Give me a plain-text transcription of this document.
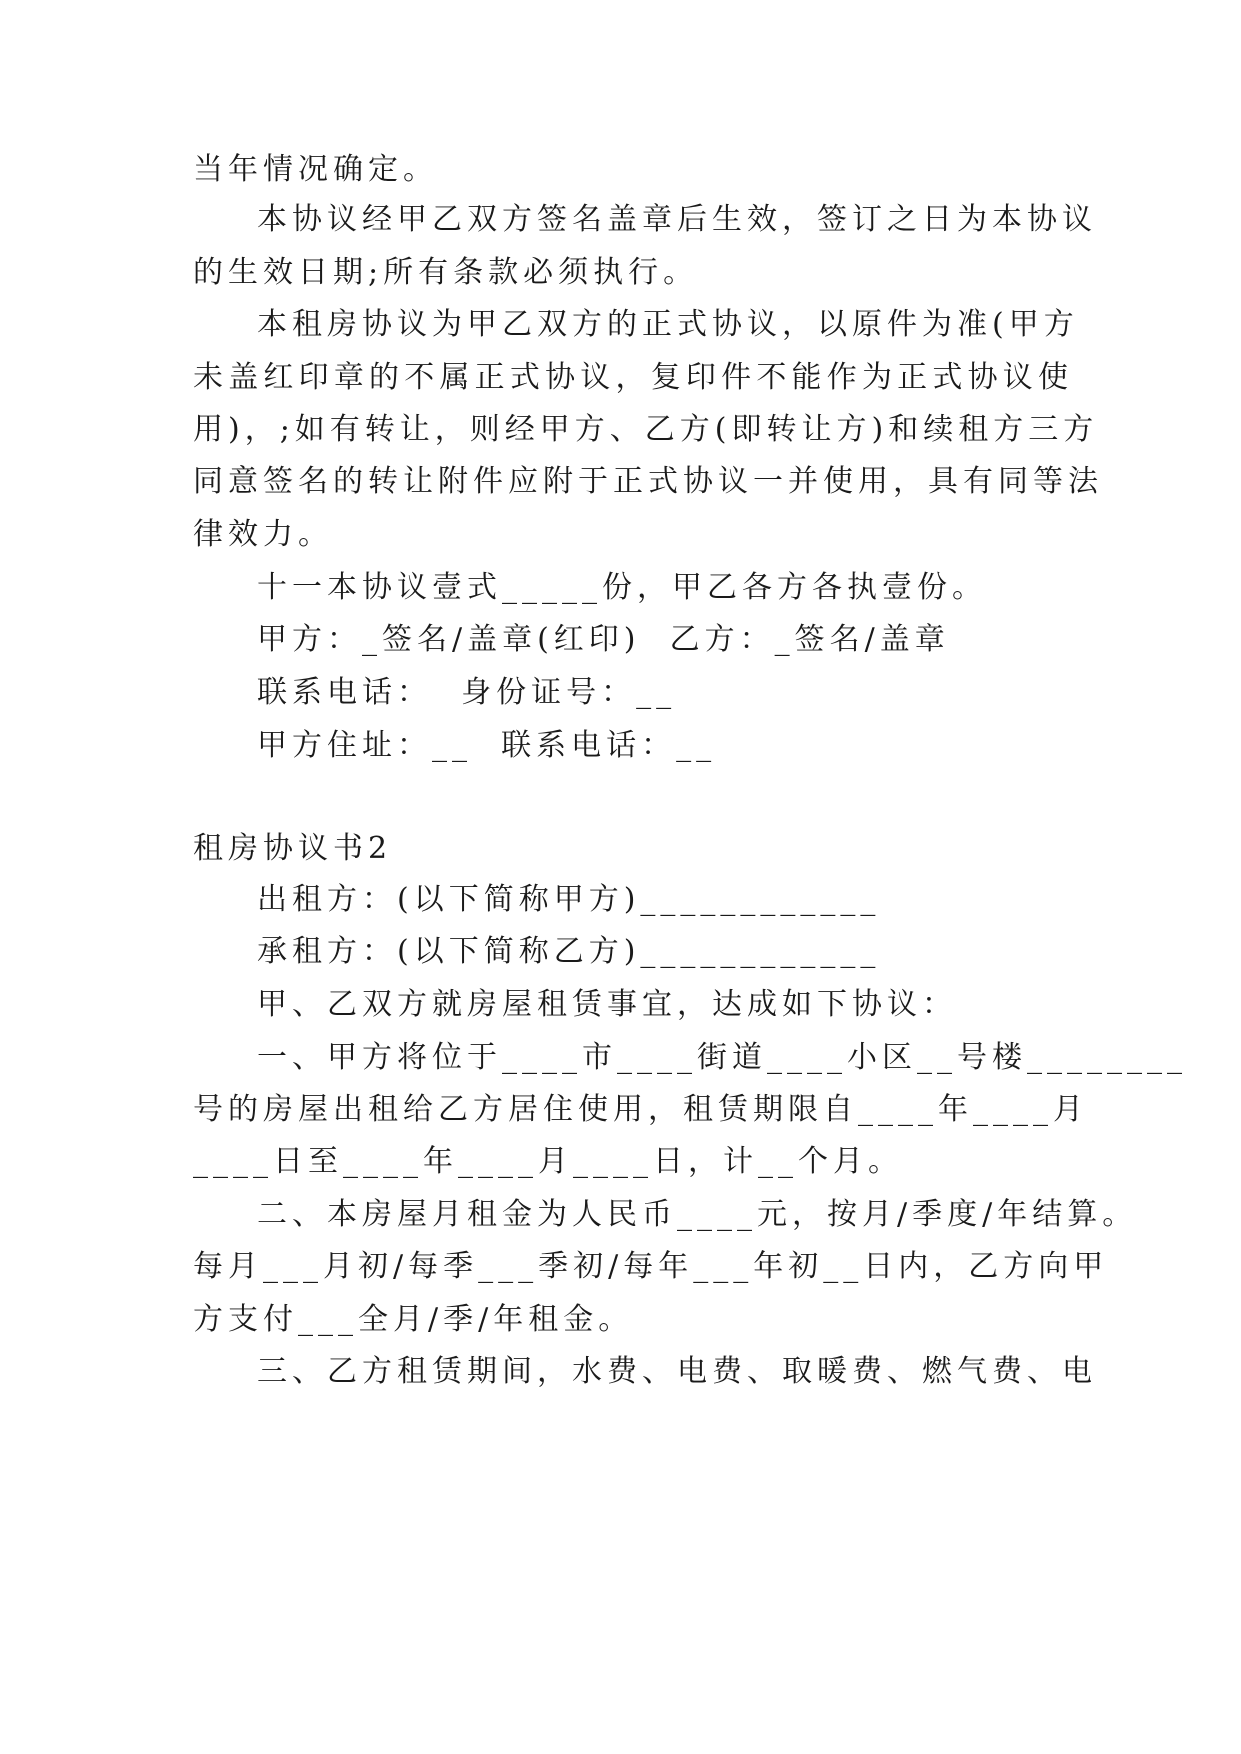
当年情况确定。
本协议经甲乙双方签名盖章后生效，签订之日为本协议
的生效日期;所有条款必须执行。
本租房协议为甲乙双方的正式协议，以原件为准(甲方
未盖红印章的不属正式协议，复印件不能作为正式协议使
用)，;如有转让，则经甲方、乙方(即转让方)和续租方三方
同意签名的转让附件应附于正式协议一并使用，具有同等法
律效力。
十一本协议壹式_____份，甲乙各方各执壹份。
甲方：_签名/盖章(红印)  乙方：_签名/盖章
联系电话：  身份证号：__
甲方住址：__  联系电话：__
租房协议书2
出租方：(以下简称甲方)____________
承租方：(以下简称乙方)____________
甲、乙双方就房屋租赁事宜，达成如下协议：
一、甲方将位于____市____街道____小区__号楼________
号的房屋出租给乙方居住使用，租赁期限自____年____月
____日至____年____月____日，计__个月。
二、本房屋月租金为人民币____元，按月/季度/年结算。
每月___月初/每季___季初/每年___年初__日内，乙方向甲
方支付___全月/季/年租金。
三、乙方租赁期间，水费、电费、取暖费、燃气费、电
